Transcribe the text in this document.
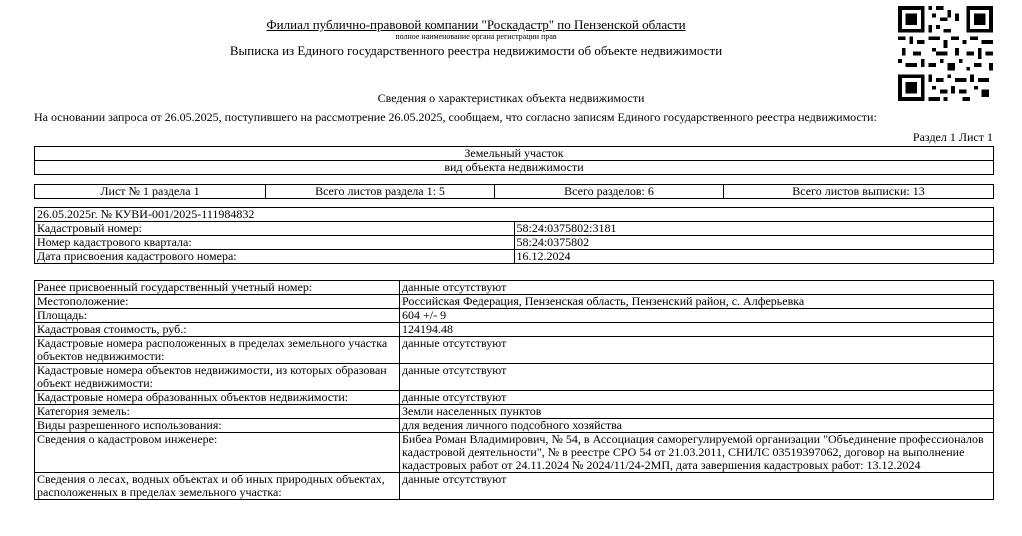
Филиал публично-правовой компании "Роскадастр" по Пензенской области
полное наименование органа регистрации прав
Выписка из Единого государственного реестра недвижимости об объекте недвижимости
Сведения о характеристиках объекта недвижимости
На основании запроса от 26.05.2025, поступившего на рассмотрение 26.05.2025, сообщаем, что согласно записям Единого государственного реестра недвижимости:
Раздел 1 Лист 1
Земельный участок
вид объекта недвижимости
Лист № 1 раздела 1	Всего листов раздела 1: 5	Всего разделов: 6	Всего листов выписки: 13
26.05.2025г. № КУВИ-001/2025-111984832	
Кадастровый номер:	58:24:0375802:3181
Номер кадастрового квартала:	58:24:0375802
Дата присвоения кадастрового номера:	16.12.2024
Ранее присвоенный государственный учетный номер:	данные отсутствуют
Местоположение:	Российская Федерация, Пензенская область, Пензенский район, с. Алферьевка
Площадь:	604 +/- 9
Кадастровая стоимость, руб.:	124194.48
Кадастровые номера расположенных в пределах земельного участка объектов недвижимости:	данные отсутствуют
Кадастровые номера объектов недвижимости, из которых образован объект недвижимости:	данные отсутствуют
Кадастровые номера образованных объектов недвижимости:	данные отсутствуют
Категория земель:	Земли населенных пунктов
Виды разрешенного использования:	для ведения личного подсобного хозяйства
Сведения о кадастровом инженере:	Бибеа Роман Владимирович, № 54, в Ассоциация саморегулируемой организации "Объединение профессионалов кадастровой деятельности", № в реестре СРО 54 от 21.03.2011, СНИЛС 03519397062, договор на выполнение кадастровых работ от 24.11.2024 № 2024/11/24-2МП, дата завершения кадастровых работ: 13.12.2024
Сведения о лесах, водных объектах и об иных природных объектах, расположенных в пределах земельного участка:	данные отсутствуют
